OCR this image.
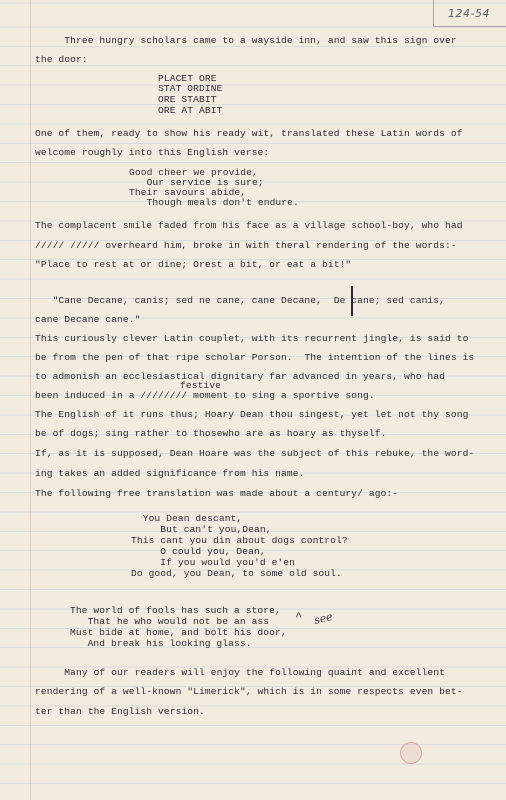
124-54

Three hungry scholars came to a wayside inn, and saw this sign over

the door:

PLACET ORE

STAT ORDINE

ORE STABIT

ORE AT ABIT

One of them, ready to show his ready wit, translated these Latin words of

welcome roughly into this English verse:

Good cheer we provide,

Our service is sure;

Their savours abide,

Though meals don't endure.

The complacent smile faded from his face as a village school-boy, who had

///// ///// overheard him, broke in with theral rendering of the words:-

"Place to rest at or dine; Orest a bit, or eat a bit!"

"Cane Decane, canis; sed ne cane, cane Decane,  De cane; sed canis,

cane Decane cane."

This curiously clever Latin couplet, with its recurrent jingle, is said to

be from the pen of that ripe scholar Porson.  The intention of the lines is

to admonish an ecclesiastical dignitary far advanced in years, who had

festive

been induced in a //////// moment to sing a sportive song.

The English of it runs thus; Hoary Dean thou singest, yet let not thy song

be of dogs; sing rather to thosewho are as hoary as thyself.

If, as it is supposed, Dean Hoare was the subject of this rebuke, the word-

ing takes an added significance from his name.

The following free translation was made about a century/ ago:-

You Dean descant,

But can't you,Dean,

This cant you din about dogs control?

O could you, Dean,

If you would you'd e'en

Do good, you Dean, to some old soul.

The world of fools has such a store,

That he who would not be an ass

Must bide at home, and bolt his door,

And break his looking glass.

^ see

Many of our readers will enjoy the following quaint and excellent

rendering of a well-known "Limerick", which is in some respects even bet-

ter than the English version.
